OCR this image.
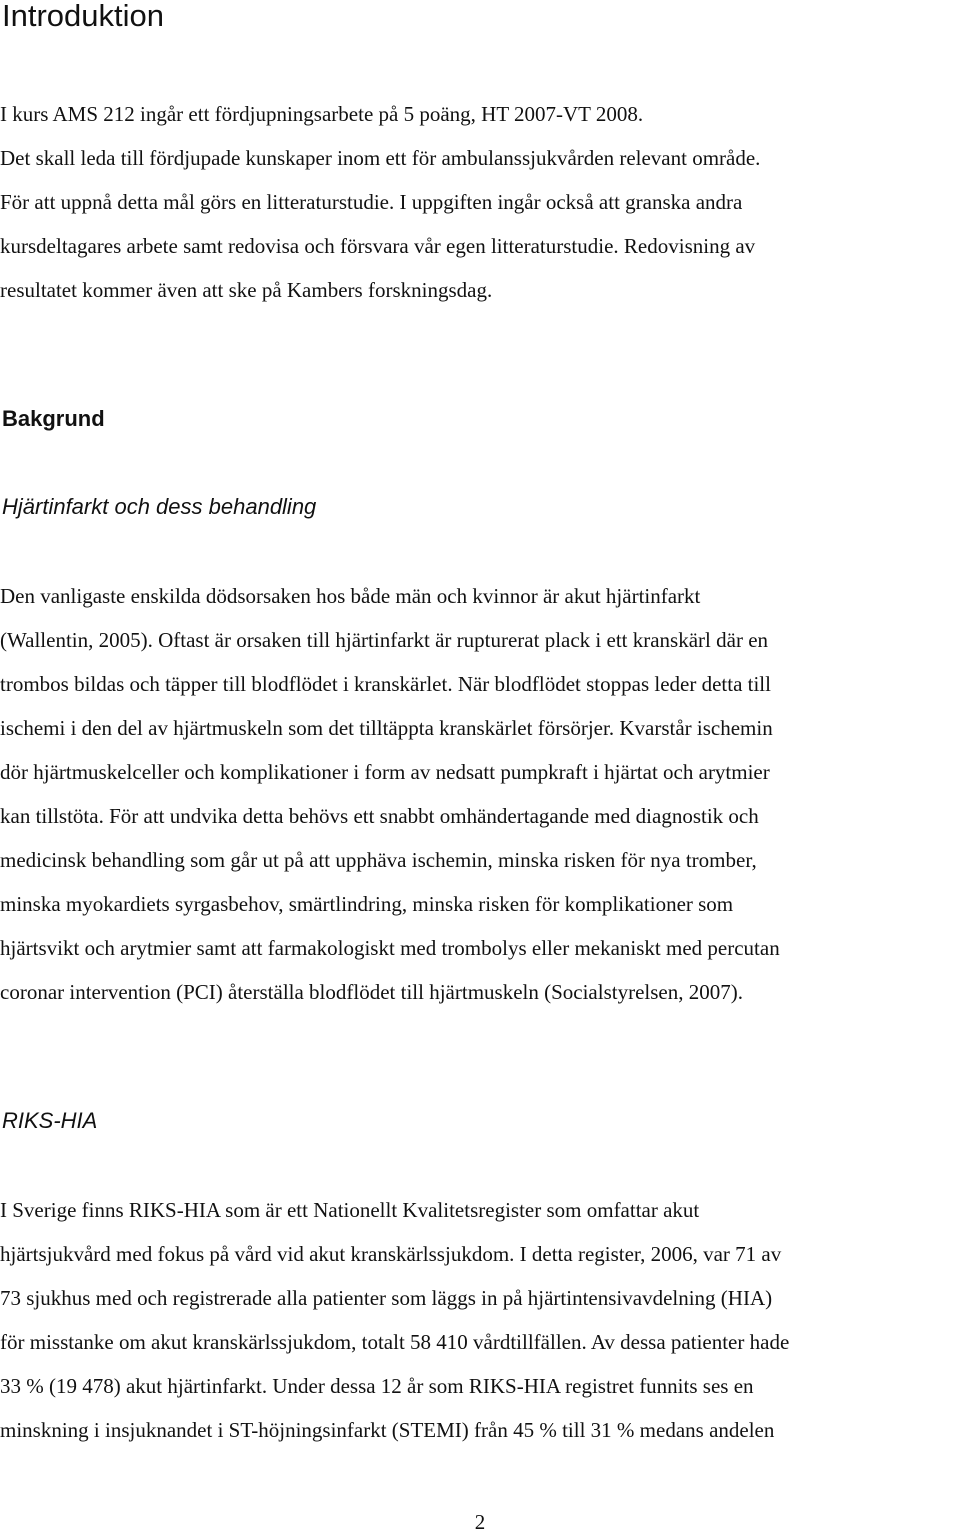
Introduktion
I kurs AMS 212 ingår ett fördjupningsarbete på 5 poäng, HT 2007-VT 2008.
Det skall leda till fördjupade kunskaper inom ett för ambulanssjukvården relevant område.
För att uppnå detta mål görs en litteraturstudie. I uppgiften ingår också att granska andra
kursdeltagares arbete samt redovisa och försvara vår egen litteraturstudie. Redovisning av
resultatet kommer även att ske på Kambers forskningsdag.
Bakgrund
Hjärtinfarkt och dess behandling
Den vanligaste enskilda dödsorsaken hos både män och kvinnor är akut hjärtinfarkt
(Wallentin, 2005). Oftast är orsaken till hjärtinfarkt är rupturerat plack i ett kranskärl där en
trombos bildas och täpper till blodflödet i kranskärlet. När blodflödet stoppas leder detta till
ischemi i den del av hjärtmuskeln som det tilltäppta kranskärlet försörjer. Kvarstår ischemin
dör hjärtmuskelceller och komplikationer i form av nedsatt pumpkraft i hjärtat och arytmier
kan tillstöta. För att undvika detta behövs ett snabbt omhändertagande med diagnostik och
medicinsk behandling som går ut på att upphäva ischemin, minska risken för nya tromber,
minska myokardiets syrgasbehov, smärtlindring, minska risken för komplikationer som
hjärtsvikt och arytmier samt att farmakologiskt med trombolys eller mekaniskt med percutan
coronar intervention (PCI) återställa blodflödet till hjärtmuskeln (Socialstyrelsen, 2007).
RIKS-HIA
I Sverige finns RIKS-HIA som är ett Nationellt Kvalitetsregister som omfattar akut
hjärtsjukvård med fokus på vård vid akut kranskärlssjukdom. I detta register, 2006, var 71 av
73 sjukhus med och registrerade alla patienter som läggs in på hjärtintensivavdelning (HIA)
för misstanke om akut kranskärlssjukdom, totalt 58 410 vårdtillfällen. Av dessa patienter hade
33 % (19 478) akut hjärtinfarkt. Under dessa 12 år som RIKS-HIA registret funnits ses en
minskning i insjuknandet i ST-höjningsinfarkt (STEMI) från 45 % till 31 % medans andelen
2
